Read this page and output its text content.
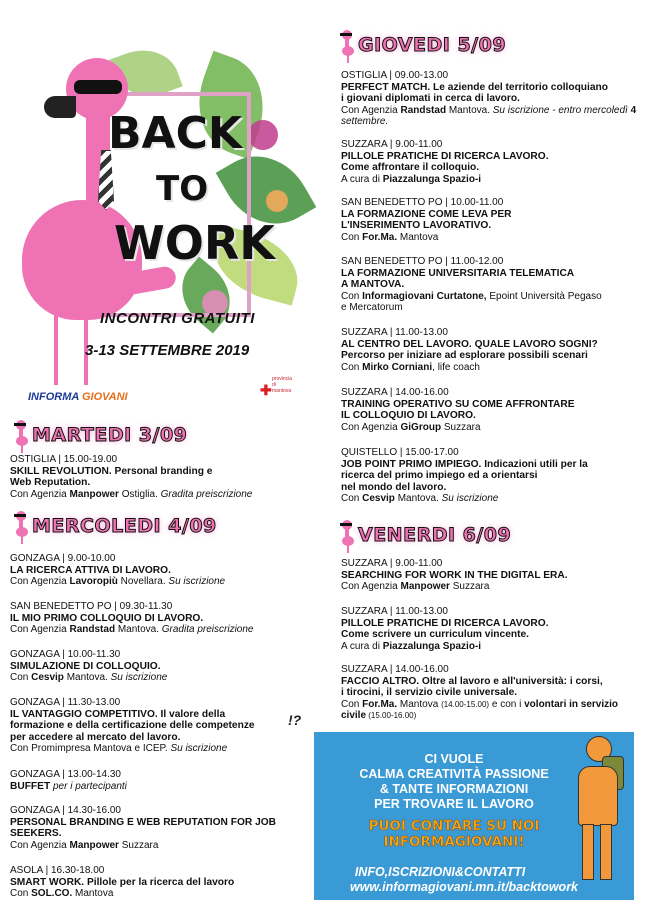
BACK
TO
WORK
INCONTRI GRATUITI
3-13 SETTEMBRE 2019
INFORMA GIOVANI	✚
provincia di mantova
MARTEDI 3/09
MERCOLEDI 4/09
GIOVEDI 5/09
VENERDI 6/09
OSTIGLIA | 15.00-19.00
SKILL REVOLUTION. Personal branding e
Web Reputation.
Con Agenzia Manpower Ostiglia. Gradita preiscrizione
GONZAGA | 9.00-10.00
LA RICERCA ATTIVA DI LAVORO.
Con Agenzia Lavoropiù Novellara. Su iscrizione
SAN BENEDETTO PO | 09.30-11.30
IL MIO PRIMO COLLOQUIO DI LAVORO.
Con Agenzia Randstad Mantova. Gradita preiscrizione
GONZAGA | 10.00-11.30
SIMULAZIONE DI COLLOQUIO.
Con Cesvip Mantova. Su iscrizione
GONZAGA | 11.30-13.00
IL VANTAGGIO COMPETITIVO. Il valore della
formazione e della certificazione delle competenze
per accedere al mercato del lavoro.
Con Promimpresa Mantova e ICEP. Su iscrizione
GONZAGA | 13.00-14.30
BUFFET per i partecipanti
GONZAGA | 14.30-16.00
PERSONAL BRANDING E WEB REPUTATION FOR JOB
SEEKERS.
Con Agenzia Manpower Suzzara
ASOLA | 16.30-18.00
SMART WORK. Pillole per la ricerca del lavoro
Con SOL.CO. Mantova
OSTIGLIA | 09.00-13.00
PERFECT MATCH. Le aziende del territorio colloquiano
i giovani diplomati in cerca di lavoro.
Con Agenzia Randstad Mantova. Su iscrizione - entro mercoledì 4
settembre.
SUZZARA | 9.00-11.00
PILLOLE PRATICHE DI RICERCA LAVORO.
Come affrontare il colloquio.
A cura di Piazzalunga Spazio-i
SAN BENEDETTO PO | 10.00-11.00
LA FORMAZIONE COME LEVA PER
L'INSERIMENTO LAVORATIVO.
Con For.Ma. Mantova
SAN BENEDETTO PO | 11.00-12.00
LA FORMAZIONE UNIVERSITARIA TELEMATICA
A MANTOVA.
Con Informagiovani Curtatone, Epoint Università Pegaso
e Mercatorum
SUZZARA | 11.00-13.00
AL CENTRO DEL LAVORO. QUALE LAVORO SOGNI?
Percorso per iniziare ad esplorare possibili scenari
Con Mirko Corniani, life coach
SUZZARA | 14.00-16.00
TRAINING OPERATIVO SU COME AFFRONTARE
IL COLLOQUIO DI LAVORO.
Con Agenzia GiGroup Suzzara
QUISTELLO | 15.00-17.00
JOB POINT PRIMO IMPIEGO. Indicazioni utili per la
ricerca del primo impiego ed a orientarsi
nel mondo del lavoro.
Con Cesvip Mantova. Su iscrizione
SUZZARA | 9.00-11.00
SEARCHING FOR WORK IN THE DIGITAL ERA.
Con Agenzia Manpower Suzzara
SUZZARA | 11.00-13.00
PILLOLE PRATICHE DI RICERCA LAVORO.
Come scrivere un curriculum vincente.
A cura di Piazzalunga Spazio-i
SUZZARA | 14.00-16.00
FACCIO ALTRO. Oltre al lavoro e all'università: i corsi,
i tirocini, il servizio civile universale.
Con For.Ma. Mantova (14.00-15.00) e con i volontari in servizio
civile (15.00-16.00)
!?
CI VUOLE
CALMA CREATIVITÀ PASSIONE
& TANTE INFORMAZIONI
PER TROVARE IL LAVORO
PUOI CONTARE SU NOI
INFORMAGIOVANI!
INFO,ISCRIZIONI&CONTATTI
www.informagiovani.mn.it/backtowork
